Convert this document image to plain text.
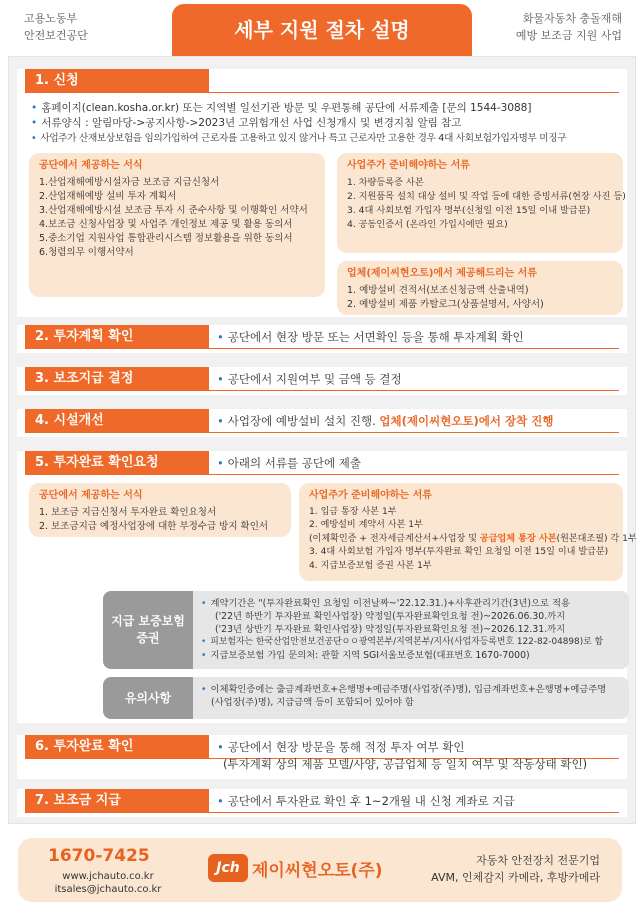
고용노동부
안전보건공단	세부 지원 절차 설명	화물자동차 충돌재해
예방 보조금 지원 사업
1. 신청
• 홈페이지(clean.kosha.or.kr) 또는 지역별 일선기관 방문 및 우편통해 공단에 서류제출 [문의 1544-3088]
• 서류양식 : 알림마당->공지사항->2023년 고위험개선 사업 신청개시 및 변경지침 알림 참고
• 사업주가 산재보상보험을 임의가입하여 근로자를 고용하고 있지 않거나 특고 근로자만 고용한 경우 4대 사회보험가입자명부 미징구
공단에서 제공하는 서식
1.산업재해예방시설자금 보조금 지급신청서
2.산업재해예방 설비 투자 계획서
3.산업재해예방시설 보조금 투자 시 준수사항 및 이행확인 서약서
4.보조금 신청사업장 및 사업주 개인정보 제공 및 활용 동의서
5.중소기업 지원사업 통합관리시스템 정보활용을 위한 동의서
6.청렴의무 이행서약서
사업주가 준비해야하는 서류
1. 차량등록증 사본
2. 지원품목 설치 대상 설비 및 작업 등에 대한 증빙서류(현장 사진 등)
3. 4대 사회보험 가입자 명부(신청일 이전 15일 이내 발급분)
4. 공동인증서 (온라인 가입시에만 필요)
업체(제이씨현오토)에서 제공해드리는 서류
1. 예방설비 견적서(보조신청금액 산출내역)
2. 예방설비 제품 카탈로그(상품설명서, 사양서)
2. 투자계획 확인	• 공단에서 현장 방문 또는 서면확인 등을 통해 투자계획 확인
3. 보조지급 결정	• 공단에서 지원여부 및 금액 등 결정
4. 시설개선	• 사업장에 예방설비 설치 진행. 업체(제이씨현오토)에서 장착 진행
5. 투자완료 확인요청	• 아래의 서류를 공단에 제출
공단에서 제공하는 서식
1. 보조금 지급신청서 투자완료 확인요청서
2. 보조금지급 예정사업장에 대한 부정수급 방지 확인서
사업주가 준비해야하는 서류
1. 입금 통장 사본 1부
2. 예방설비 계약서 사본 1부
(이체확인증 + 전자세금계산서+사업장 및 공급업체 통장 사본(원본대조필) 각 1부
3. 4대 사회보험 가입자 명부(투자완료 확인 요청일 이전 15일 이내 발급분)
4. 지급보증보험 증권 사본 1부
지급 보증보험
증권
• 계약기간은 "(투자완료확인 요청일 이전날짜~'22.12.31.)+사후관리기간(3년)으로 적용
('22년 하반기 투자완료 확인사업장) 약정일(투자완료확인요청 전)~2026.06.30.까지
('23년 상반기 투자완료 확인사업장) 약정일(투자완료확인요청 전)~2026.12.31.까지
• 피보험자는 한국산업안전보건공단ㅇㅇ광역본부/지역본부/지사(사업자등록번호 122-82-04898)로 함
• 지급보증보험 가입 문의처: 관할 지역 SGI서울보증보험(대표번호 1670-7000)
유의사항
• 이체확인증에는 출금계좌번호+은행명+예금주명(사업장(주)명), 입금계좌번호+은행명+예금주명
(사업장(주)명), 지급금액 등이 포함되어 있어야 함
6. 투자완료 확인	• 공단에서 현장 방문을 통해 적정 투자 여부 확인
(투자계획 상의 제품 모델/사양, 공급업체 등 일치 여부 및 작동상태 확인)
7. 보조금 지급	• 공단에서 투자완료 확인 후 1~2개월 내 신청 계좌로 지급
1670-7425
www.jchauto.co.kr
itsales@jchauto.co.kr
Jch 제이씨현오토(주)	자동차 안전장치 전문기업
AVM, 인체감지 카메라, 후방카메라
